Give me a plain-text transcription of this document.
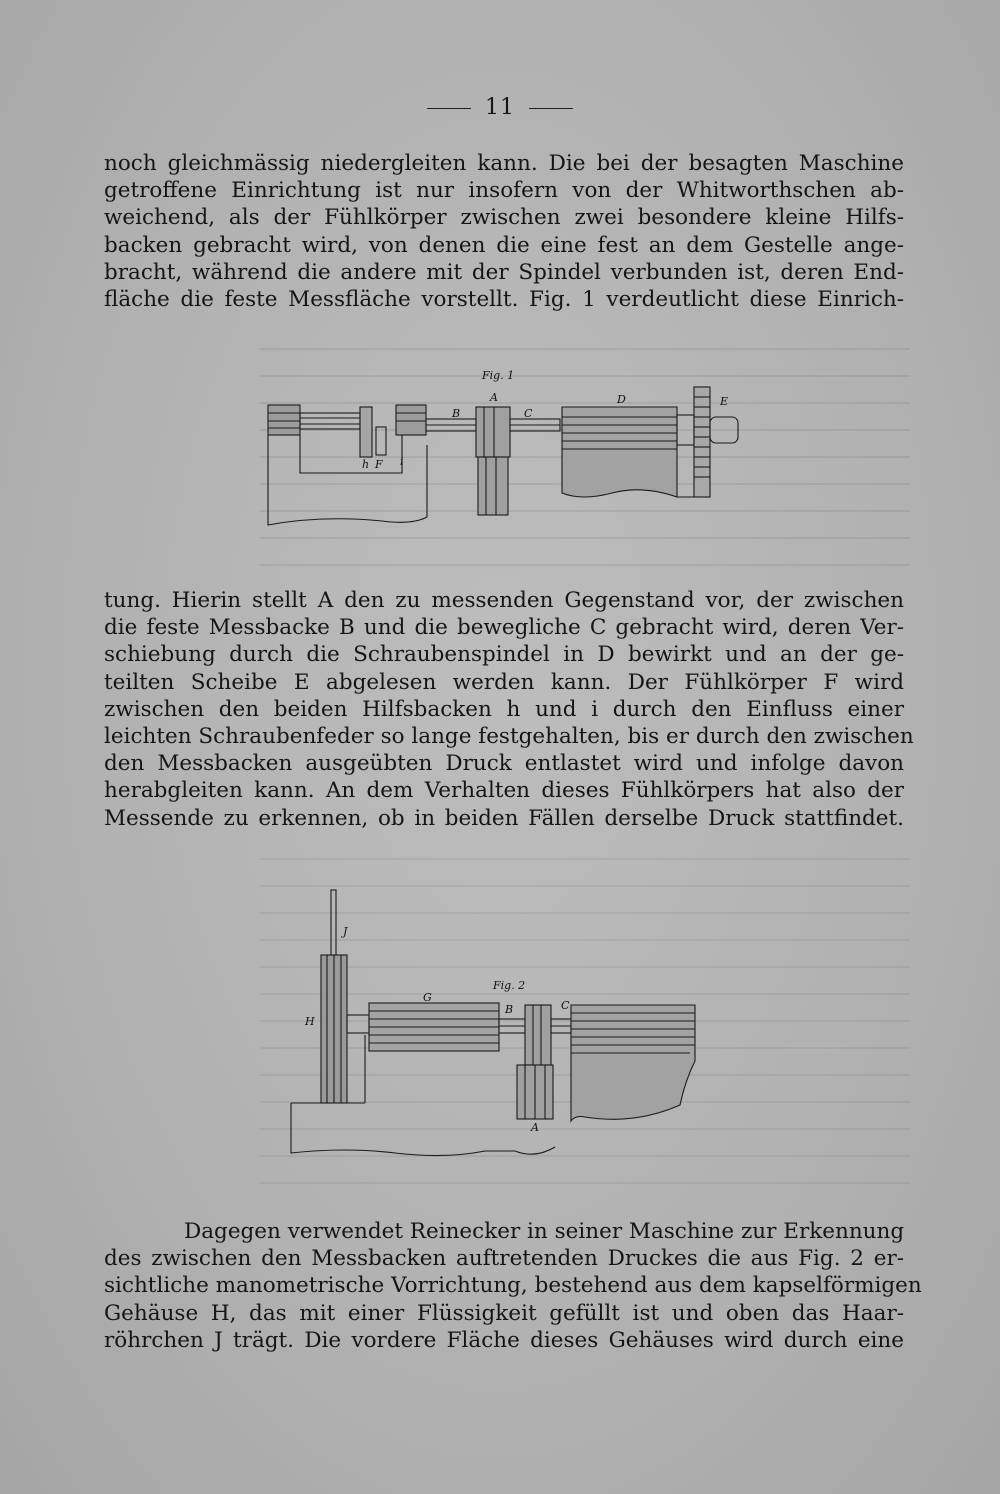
11
noch gleichmässig niedergleiten kann. Die bei der besagten Maschine
getroffene Einrichtung ist nur insofern von der Whitworthschen ab-
weichend, als der Fühlkörper zwischen zwei besondere kleine Hilfs-
backen gebracht wird, von denen die eine fest an dem Gestelle ange-
bracht, während die andere mit der Spindel verbunden ist, deren End-
fläche die feste Messfläche vorstellt. Fig. 1 verdeutlicht diese Einrich-
Fig. 1
A
B	C
D	E
F
h	i
tung. Hierin stellt A den zu messenden Gegenstand vor, der zwischen
die feste Messbacke B und die bewegliche C gebracht wird, deren Ver-
schiebung durch die Schraubenspindel in D bewirkt und an der ge-
teilten Scheibe E abgelesen werden kann. Der Fühlkörper F wird
zwischen den beiden Hilfsbacken h und i durch den Einfluss einer
leichten Schraubenfeder so lange festgehalten, bis er durch den zwischen
den Messbacken ausgeübten Druck entlastet wird und infolge davon
herabgleiten kann. An dem Verhalten dieses Fühlkörpers hat also der
Messende zu erkennen, ob in beiden Fällen derselbe Druck stattfindet.
J
H
G
Fig. 2
B	C
A
Dagegen verwendet Reinecker in seiner Maschine zur Erkennung
des zwischen den Messbacken auftretenden Druckes die aus Fig. 2 er-
sichtliche manometrische Vorrichtung, bestehend aus dem kapselförmigen
Gehäuse H, das mit einer Flüssigkeit gefüllt ist und oben das Haar-
röhrchen J trägt. Die vordere Fläche dieses Gehäuses wird durch eine
